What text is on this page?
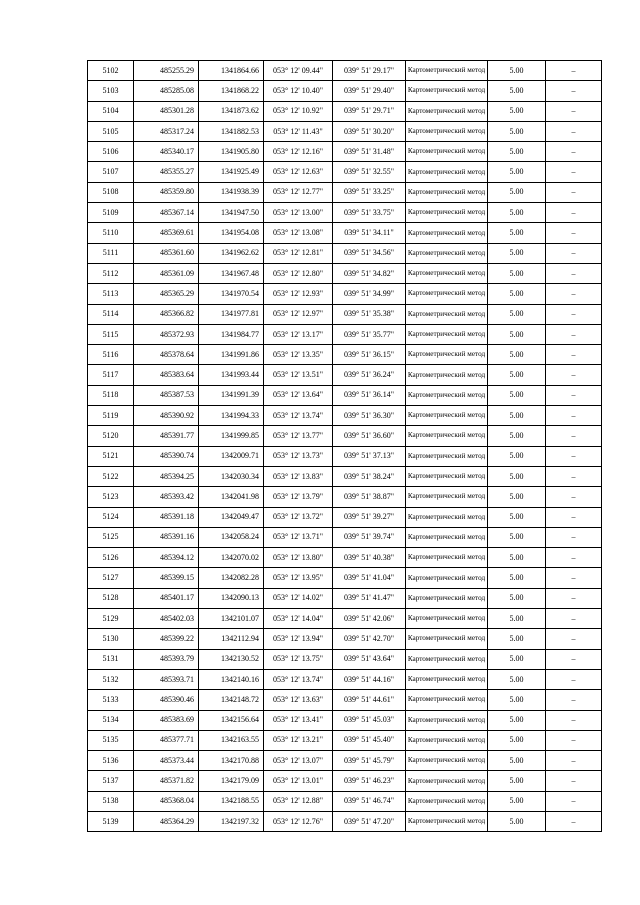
5102	485255.29	1341864.66	053° 12' 09.44"	039° 51' 29.17"	Картометрический метод	5.00	–
5103	485285.08	1341868.22	053° 12' 10.40"	039° 51' 29.40"	Картометрический метод	5.00	–
5104	485301.28	1341873.62	053° 12' 10.92"	039° 51' 29.71"	Картометрический метод	5.00	–
5105	485317.24	1341882.53	053° 12' 11.43"	039° 51' 30.20"	Картометрический метод	5.00	–
5106	485340.17	1341905.80	053° 12' 12.16"	039° 51' 31.48"	Картометрический метод	5.00	–
5107	485355.27	1341925.49	053° 12' 12.63"	039° 51' 32.55"	Картометрический метод	5.00	–
5108	485359.80	1341938.39	053° 12' 12.77"	039° 51' 33.25"	Картометрический метод	5.00	–
5109	485367.14	1341947.50	053° 12' 13.00"	039° 51' 33.75"	Картометрический метод	5.00	–
5110	485369.61	1341954.08	053° 12' 13.08"	039° 51' 34.11"	Картометрический метод	5.00	–
5111	485361.60	1341962.62	053° 12' 12.81"	039° 51' 34.56"	Картометрический метод	5.00	–
5112	485361.09	1341967.48	053° 12' 12.80"	039° 51' 34.82"	Картометрический метод	5.00	–
5113	485365.29	1341970.54	053° 12' 12.93"	039° 51' 34.99"	Картометрический метод	5.00	–
5114	485366.82	1341977.81	053° 12' 12.97"	039° 51' 35.38"	Картометрический метод	5.00	–
5115	485372.93	1341984.77	053° 12' 13.17"	039° 51' 35.77"	Картометрический метод	5.00	–
5116	485378.64	1341991.86	053° 12' 13.35"	039° 51' 36.15"	Картометрический метод	5.00	–
5117	485383.64	1341993.44	053° 12' 13.51"	039° 51' 36.24"	Картометрический метод	5.00	–
5118	485387.53	1341991.39	053° 12' 13.64"	039° 51' 36.14"	Картометрический метод	5.00	–
5119	485390.92	1341994.33	053° 12' 13.74"	039° 51' 36.30"	Картометрический метод	5.00	–
5120	485391.77	1341999.85	053° 12' 13.77"	039° 51' 36.60"	Картометрический метод	5.00	–
5121	485390.74	1342009.71	053° 12' 13.73"	039° 51' 37.13"	Картометрический метод	5.00	–
5122	485394.25	1342030.34	053° 12' 13.83"	039° 51' 38.24"	Картометрический метод	5.00	–
5123	485393.42	1342041.98	053° 12' 13.79"	039° 51' 38.87"	Картометрический метод	5.00	–
5124	485391.18	1342049.47	053° 12' 13.72"	039° 51' 39.27"	Картометрический метод	5.00	–
5125	485391.16	1342058.24	053° 12' 13.71"	039° 51' 39.74"	Картометрический метод	5.00	–
5126	485394.12	1342070.02	053° 12' 13.80"	039° 51' 40.38"	Картометрический метод	5.00	–
5127	485399.15	1342082.28	053° 12' 13.95"	039° 51' 41.04"	Картометрический метод	5.00	–
5128	485401.17	1342090.13	053° 12' 14.02"	039° 51' 41.47"	Картометрический метод	5.00	–
5129	485402.03	1342101.07	053° 12' 14.04"	039° 51' 42.06"	Картометрический метод	5.00	–
5130	485399.22	1342112.94	053° 12' 13.94"	039° 51' 42.70"	Картометрический метод	5.00	–
5131	485393.79	1342130.52	053° 12' 13.75"	039° 51' 43.64"	Картометрический метод	5.00	–
5132	485393.71	1342140.16	053° 12' 13.74"	039° 51' 44.16"	Картометрический метод	5.00	–
5133	485390.46	1342148.72	053° 12' 13.63"	039° 51' 44.61"	Картометрический метод	5.00	–
5134	485383.69	1342156.64	053° 12' 13.41"	039° 51' 45.03"	Картометрический метод	5.00	–
5135	485377.71	1342163.55	053° 12' 13.21"	039° 51' 45.40"	Картометрический метод	5.00	–
5136	485373.44	1342170.88	053° 12' 13.07"	039° 51' 45.79"	Картометрический метод	5.00	–
5137	485371.82	1342179.09	053° 12' 13.01"	039° 51' 46.23"	Картометрический метод	5.00	–
5138	485368.04	1342188.55	053° 12' 12.88"	039° 51' 46.74"	Картометрический метод	5.00	–
5139	485364.29	1342197.32	053° 12' 12.76"	039° 51' 47.20"	Картометрический метод	5.00	–
